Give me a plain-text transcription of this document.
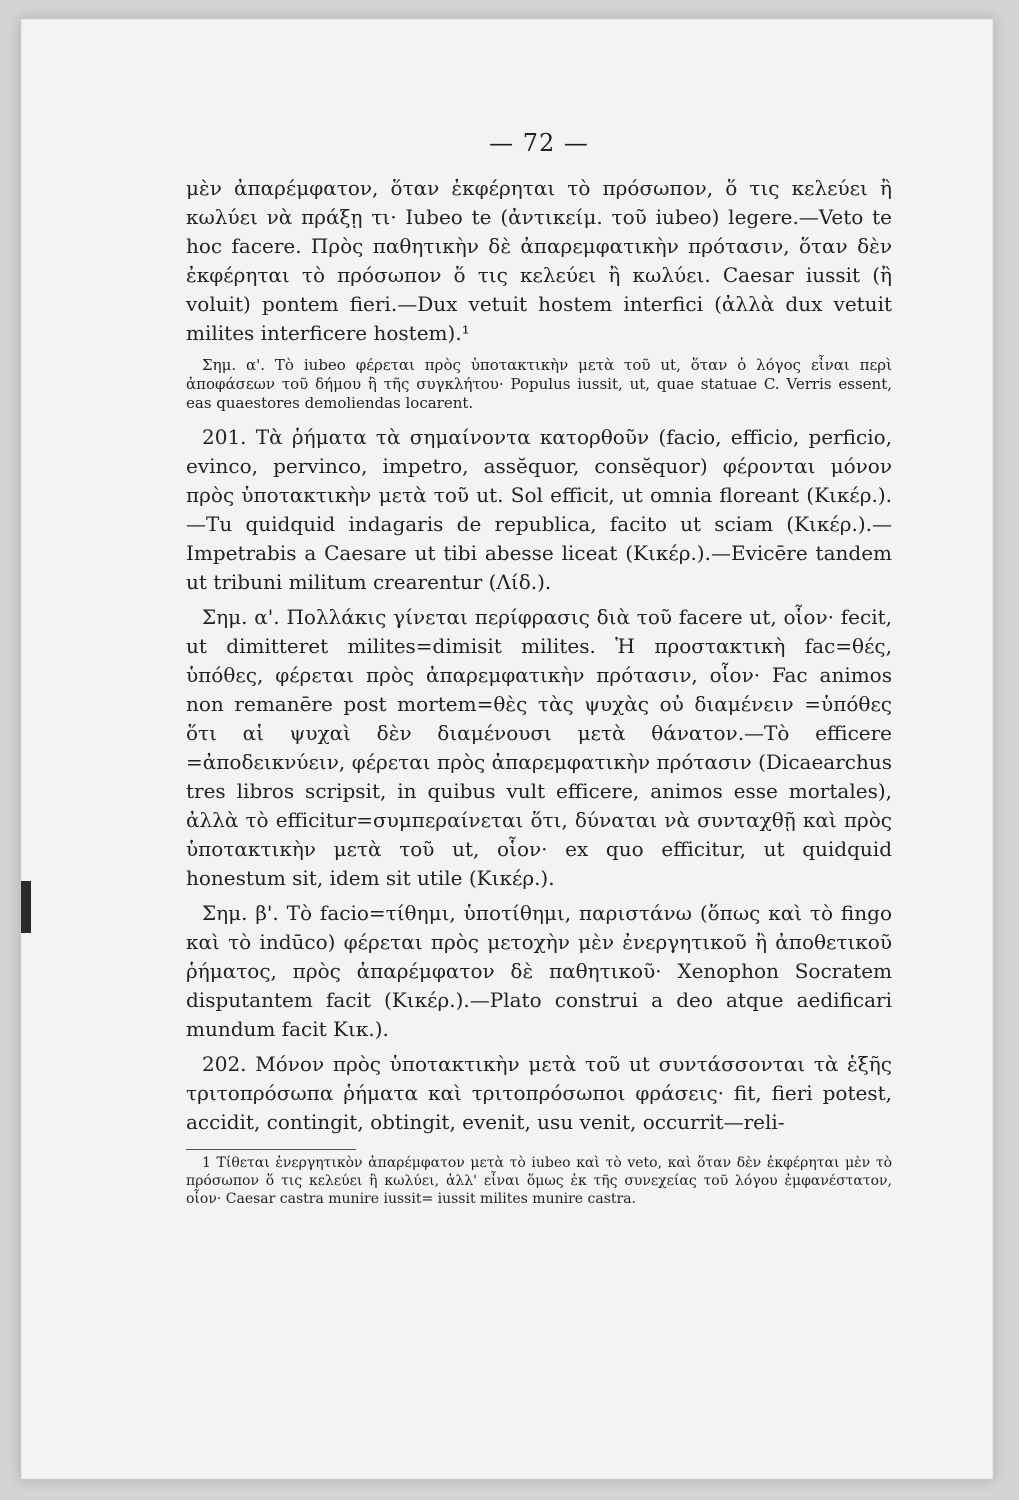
— 72 —

μὲν ἀπαρέμφατον, ὅταν ἐκφέρηται τὸ πρόσωπον, ὅ τις κελεύει ἢ κωλύει νὰ πράξῃ τι· Iubeo te (ἀντικείμ. τοῦ iubeo) legere.—Veto te hoc facere. Πρὸς παθητικὴν δὲ ἀπαρεμφατικὴν πρότασιν, ὅταν δὲν ἐκφέρηται τὸ πρόσωπον ὅ τις κελεύει ἢ κωλύει. Caesar iussit (ἢ voluit) pontem fieri.—Dux vetuit hostem interfici (ἀλλὰ dux vetuit milites interficere hostem).¹

Σημ. α'. Τὸ iubeo φέρεται πρὸς ὑποτακτικὴν μετὰ τοῦ ut, ὅταν ὁ λόγος εἶναι περὶ ἀποφάσεων τοῦ δήμου ἢ τῆς συγκλήτου· Populus iussit, ut, quae statuae C. Verris essent, eas quaestores demoliendas locarent.

201. Τὰ ῥήματα τὰ σημαίνοντα κατορθοῦν (facio, efficio, perficio, evinco, pervinco, impetro, assĕquor, consĕquor) φέρονται μόνον πρὸς ὑποτακτικὴν μετὰ τοῦ ut. Sol efficit, ut omnia floreant (Κικέρ.).—Tu quidquid indagaris de republica, facito ut sciam (Κικέρ.).—Impetrabis a Caesare ut tibi abesse liceat (Κικέρ.).—Evicēre tandem ut tribuni militum crearentur (Λίδ.).

Σημ. α'. Πολλάκις γίνεται περίφρασις διὰ τοῦ facere ut, οἷον· fecit, ut dimitteret milites=dimisit milites. Ἡ προστακτικὴ fac=θές, ὑπόθες, φέρεται πρὸς ἀπαρεμφατικὴν πρότασιν, οἷον· Fac animos non remanēre post mortem=θὲς τὰς ψυχὰς οὐ διαμένειν =ὑπόθες ὅτι αἱ ψυχαὶ δὲν διαμένουσι μετὰ θάνατον.—Τὸ efficere =ἀποδεικνύειν, φέρεται πρὸς ἀπαρεμφατικὴν πρότασιν (Dicaearchus tres libros scripsit, in quibus vult efficere, animos esse mortales), ἀλλὰ τὸ efficitur=συμπεραίνεται ὅτι, δύναται νὰ συνταχθῇ καὶ πρὸς ὑποτακτικὴν μετὰ τοῦ ut, οἷον· ex quo efficitur, ut quidquid honestum sit, idem sit utile (Κικέρ.).

Σημ. β'. Τὸ facio=τίθημι, ὑποτίθημι, παριστάνω (ὅπως καὶ τὸ fingo καὶ τὸ indūco) φέρεται πρὸς μετοχὴν μὲν ἐνεργητικοῦ ἢ ἀποθετικοῦ ῥήματος, πρὸς ἀπαρέμφατον δὲ παθητικοῦ· Xenophon Socratem disputantem facit (Κικέρ.).—Plato construi a deo atque aedificari mundum facit Κικ.).

202. Μόνον πρὸς ὑποτακτικὴν μετὰ τοῦ ut συντάσσονται τὰ ἑξῆς τριτοπρόσωπα ῥήματα καὶ τριτοπρόσωποι φράσεις· fit, fieri potest, accidit, contingit, obtingit, evenit, usu venit, occurrit—reli-

1 Τίθεται ἐνεργητικὸν ἀπαρέμφατον μετὰ τὸ iubeo καὶ τὸ veto, καὶ ὅταν δὲν ἐκφέρηται μὲν τὸ πρόσωπον ὅ τις κελεύει ἢ κωλύει, ἀλλ' εἶναι ὅμως ἐκ τῆς συνεχείας τοῦ λόγου ἐμφανέστατον, οἷον· Caesar castra munire iussit= iussit milites munire castra.
